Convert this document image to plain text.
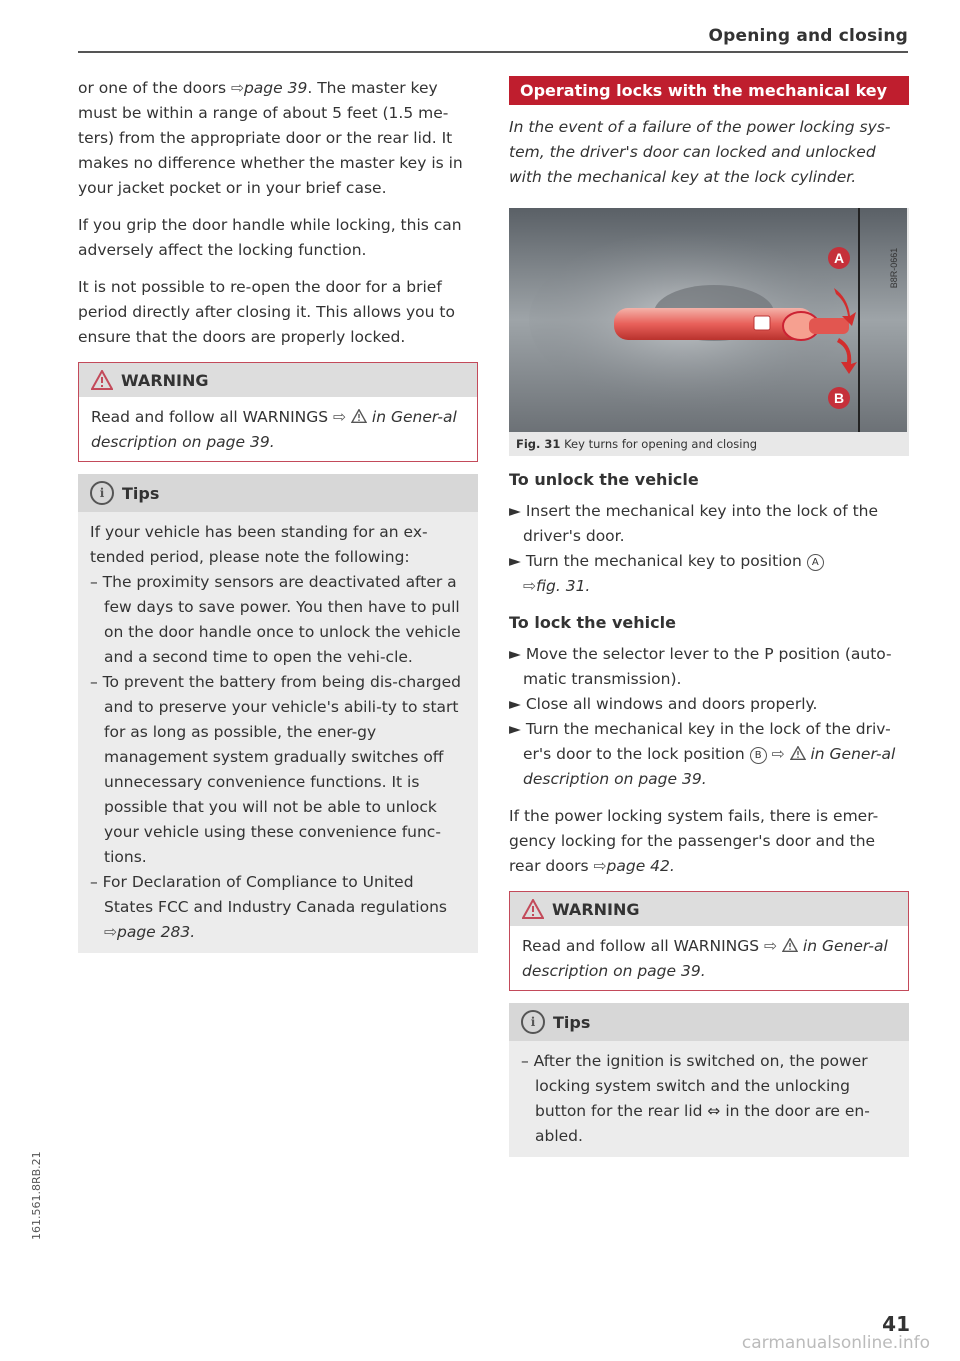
Opening and closing

or one of the doors ⇨page 39. The master key must be within a range of about 5 feet (1.5 me-ters) from the appropriate door or the rear lid. It makes no difference whether the master key is in your jacket pocket or in your brief case.

If you grip the door handle while locking, this can adversely affect the locking function.

It is not possible to re-open the door for a brief period directly after closing it. This allows you to ensure that the doors are properly locked.

WARNING
Read and follow all WARNINGS ⇨  in Gener-al description on page 39.
i	Tips

If your vehicle has been standing for an ex-tended period, please note the following:

– The proximity sensors are deactivated after a few days to save power. You then have to pull on the door handle once to unlock the vehicle and a second time to open the vehi-cle.

– To prevent the battery from being dis-charged and to preserve your vehicle's abili-ty to start for as long as possible, the ener-gy management system gradually switches off unnecessary convenience functions. It is possible that you will not be able to unlock your vehicle using these convenience func-tions.

– For Declaration of Compliance to United States FCC and Industry Canada regulations ⇨page 283.

Operating locks with the mechanical key

In the event of a failure of the power locking sys-tem, the driver's door can locked and unlocked with the mechanical key at the lock cylinder.

A
B
B8R-0661
Fig. 31 Key turns for opening and closing
To unlock the vehicle

► Insert the mechanical key into the lock of the driver's door.

► Turn the mechanical key to position A
⇨fig. 31.

To lock the vehicle

► Move the selector lever to the P position (auto-matic transmission).

► Close all windows and doors properly.

► Turn the mechanical key in the lock of the driv-er's door to the lock position B ⇨  in Gener-al description on page 39.

If the power locking system fails, there is emer-gency locking for the passenger's door and the rear doors ⇨page 42.

WARNING
Read and follow all WARNINGS ⇨  in Gener-al description on page 39.
i	Tips

– After the ignition is switched on, the power locking system switch and the unlocking button for the rear lid ⇔ in the door are en-abled.

161.561.8RB.21
41
carmanualsonline.info
